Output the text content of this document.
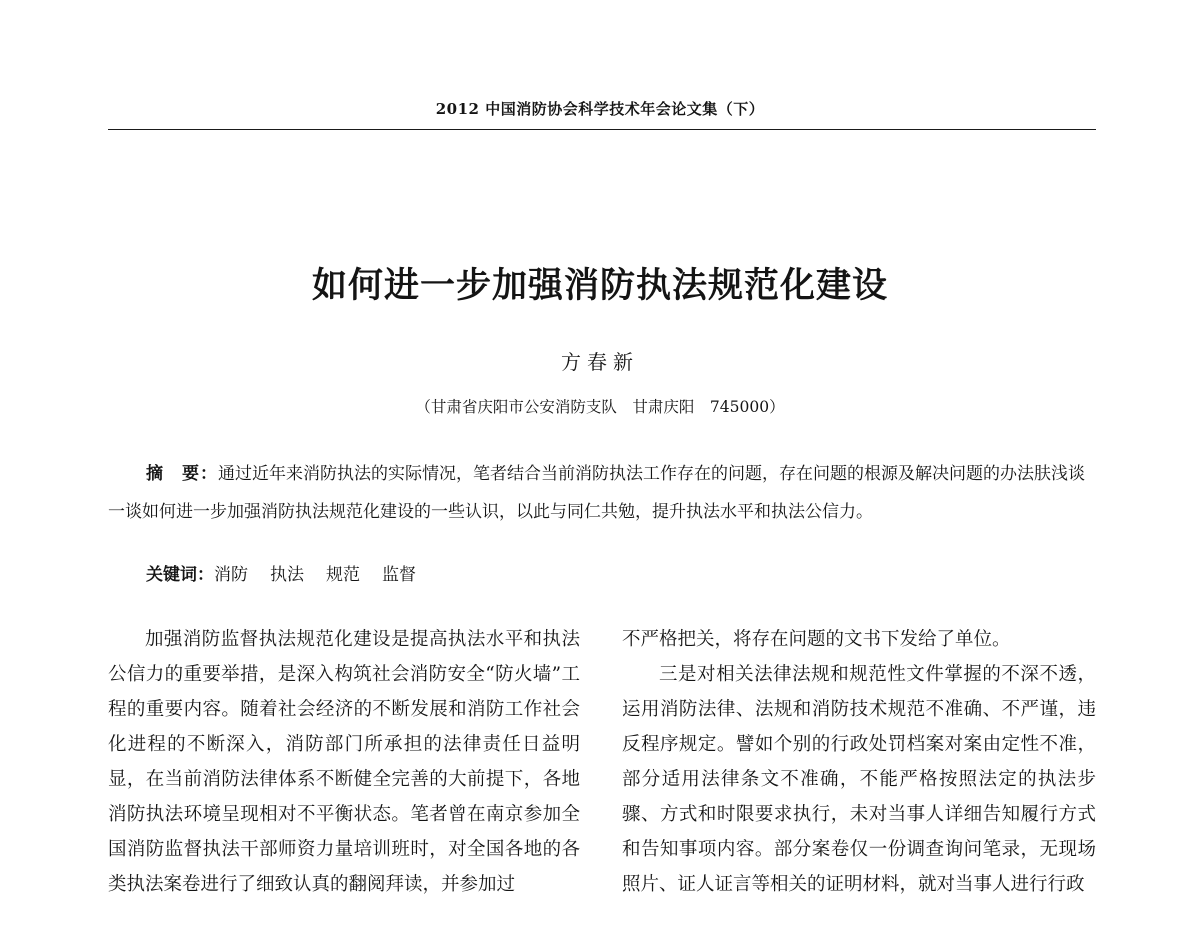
2012 中国消防协会科学技术年会论文集（下）
如何进一步加强消防执法规范化建设
方春新
（甘肃省庆阳市公安消防支队　甘肃庆阳　745000）

摘　要：通过近年来消防执法的实际情况，笔者结合当前消防执法工作存在的问题，存在问题的根源及解决问题的办法肤浅谈一谈如何进一步加强消防执法规范化建设的一些认识，以此与同仁共勉，提升执法水平和执法公信力。

关键词：消防 执法 规范 监督

加强消防监督执法规范化建设是提高执法水平和执法公信力的重要举措，是深入构筑社会消防安全“防火墙”工程的重要内容。随着社会经济的不断发展和消防工作社会化进程的不断深入，消防部门所承担的法律责任日益明显，在当前消防法律体系不断健全完善的大前提下，各地消防执法环境呈现相对不平衡状态。笔者曾在南京参加全国消防监督执法干部师资力量培训班时，对全国各地的各类执法案卷进行了细致认真的翻阅拜读，并参加过

不严格把关，将存在问题的文书下发给了单位。

三是对相关法律法规和规范性文件掌握的不深不透，运用消防法律、法规和消防技术规范不准确、不严谨，违反程序规定。譬如个别的行政处罚档案对案由定性不准，部分适用法律条文不准确，不能严格按照法定的执法步骤、方式和时限要求执行，未对当事人详细告知履行方式和告知事项内容。部分案卷仅一份调查询问笔录，无现场照片、证人证言等相关的证明材料，就对当事人进行行政
